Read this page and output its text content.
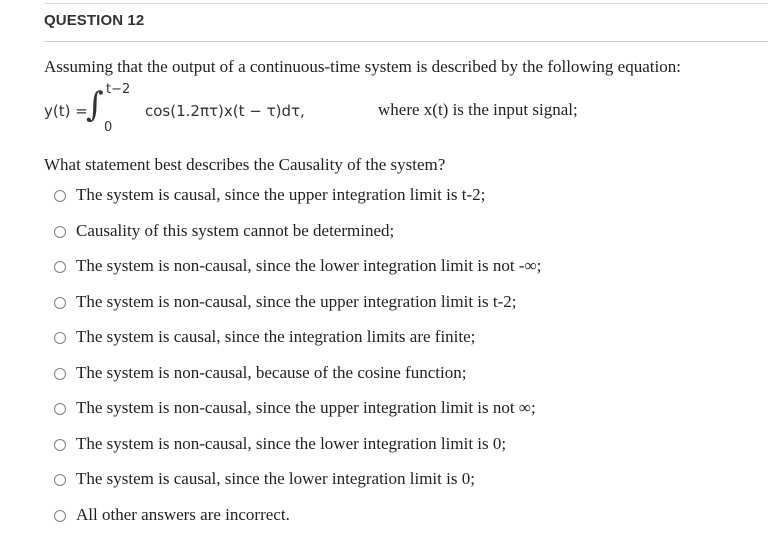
QUESTION 12
Assuming that the output of a continuous-time system is described by the following equation:
y(t) =
∫ t−2
0
cos(1.2πτ)x(t − τ)dτ,	where x(t) is the input signal;
What statement best describes the Causality of the system?
The system is causal, since the upper integration limit is t-2;
Causality of this system cannot be determined;
The system is non-causal, since the lower integration limit is not -∞;
The system is non-causal, since the upper integration limit is t-2;
The system is causal, since the integration limits are finite;
The system is non-causal, because of the cosine function;
The system is non-causal, since the upper integration limit is not ∞;
The system is non-causal, since the lower integration limit is 0;
The system is causal, since the lower integration limit is 0;
All other answers are incorrect.
